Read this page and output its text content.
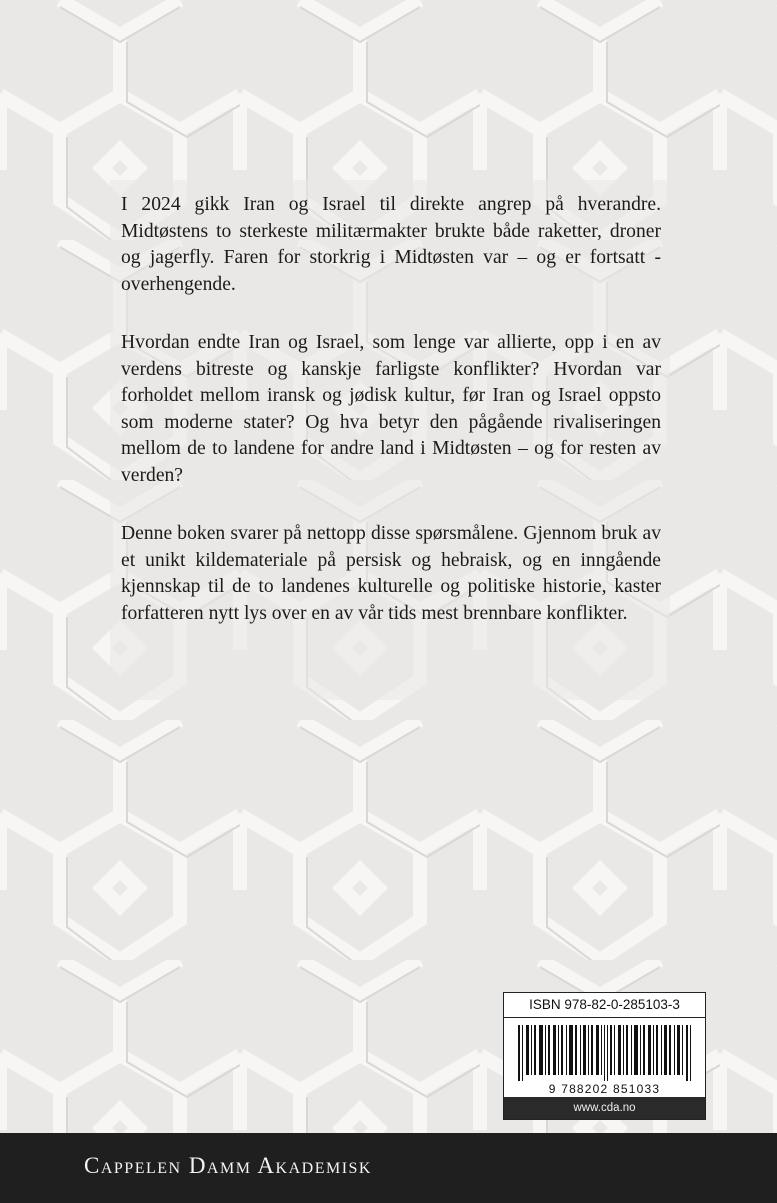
I 2024 gikk Iran og Israel til direkte angrep på hverandre. Midtøstens to sterkeste militærmakter brukte både raketter, droner og jagerfly. Faren for storkrig i Midtøsten var – og er fortsatt - overhengende.

Hvordan endte Iran og Israel, som lenge var allierte, opp i en av verdens bitreste og kanskje farligste konflikter? Hvordan var forholdet mellom iransk og jødisk kultur, før Iran og Israel oppsto som moderne stater? Og hva betyr den pågående rivaliseringen mellom de to landene for andre land i Midtøsten – og for resten av verden?

Denne boken svarer på nettopp disse spørsmålene. Gjennom bruk av et unikt kildemateriale på persisk og hebraisk, og en inngående kjennskap til de to landenes kulturelle og politiske historie, kaster forfatteren nytt lys over en av vår tids mest brennbare konflikter.

ISBN 978-82-0-285103-3
9 788202 851033
www.cda.no
Cappelen Damm Akademisk
